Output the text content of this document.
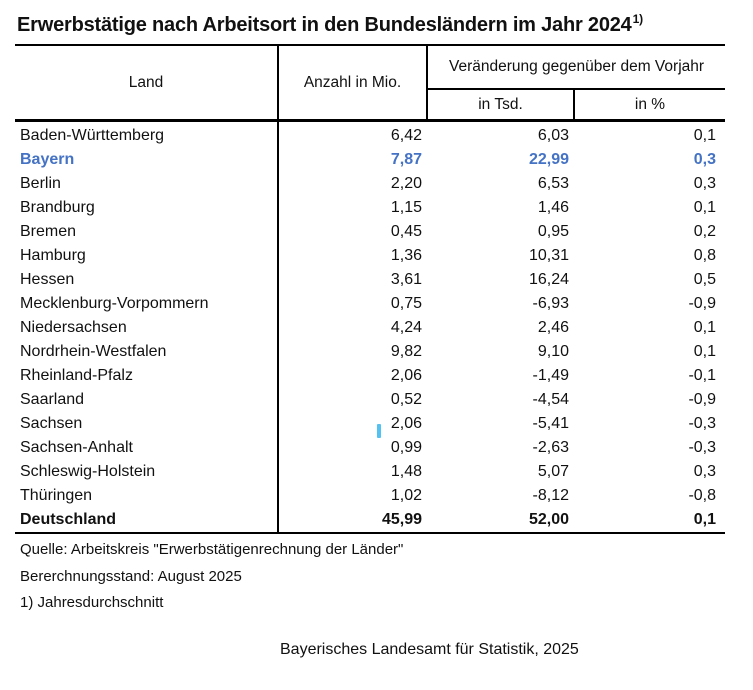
Erwerbstätige nach Arbeitsort in den Bundesländern im Jahr 2024$^{1)}$
Land	Anzahl in Mio.	Veränderung gegenüber dem Vorjahr	
		in Tsd.	in %
Baden-Württemberg	6,42	6,03	0,1
Bayern	7,87	22,99	0,3
Berlin	2,20	6,53	0,3
Brandburg	1,15	1,46	0,1
Bremen	0,45	0,95	0,2
Hamburg	1,36	10,31	0,8
Hessen	3,61	16,24	0,5
Mecklenburg-Vorpommern	0,75	-6,93	-0,9
Niedersachsen	4,24	2,46	0,1
Nordrhein-Westfalen	9,82	9,10	0,1
Rheinland-Pfalz	2,06	-1,49	-0,1
Saarland	0,52	-4,54	-0,9
Sachsen	2,06	-5,41	-0,3
Sachsen-Anhalt	0,99	-2,63	-0,3
Schleswig-Holstein	1,48	5,07	0,3
Thüringen	1,02	-8,12	-0,8
Deutschland	45,99	52,00	0,1
Quelle: Arbeitskreis "Erwerbstätigenrechnung der Länder"
Bererchnungsstand: August 2025
1) Jahresdurchschnitt
Bayerisches Landesamt für Statistik, 2025
